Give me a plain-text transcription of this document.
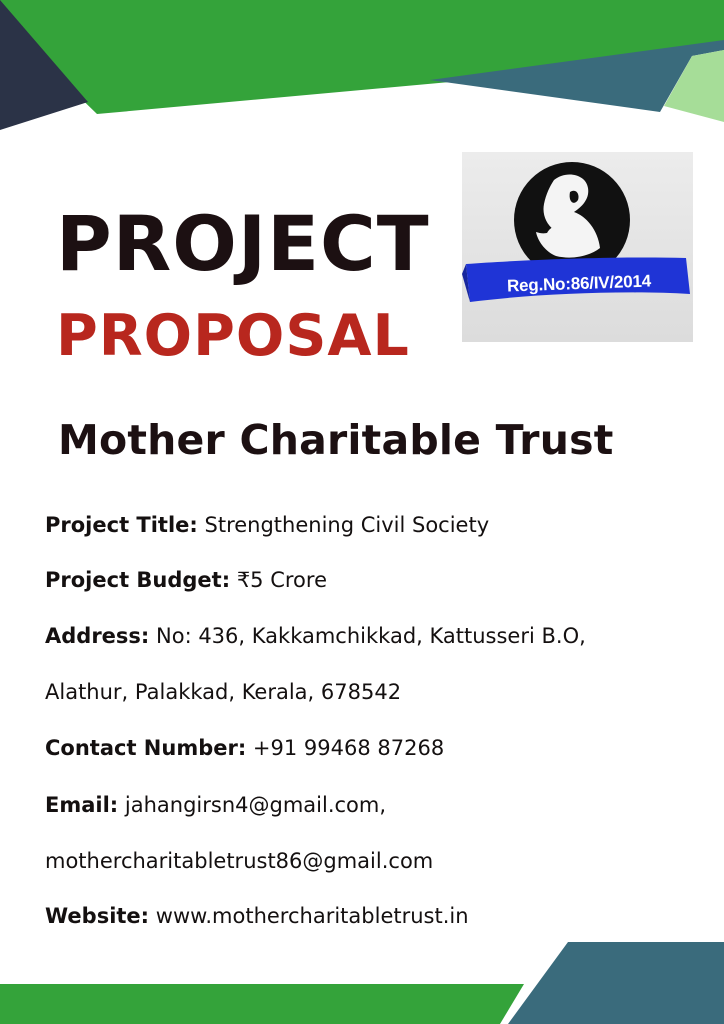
Reg.No:86/IV/2014
PROJECT
PROPOSAL
Mother Charitable Trust
Project Title: Strengthening Civil Society
Project Budget: ₹5 Crore
Address: No: 436, Kakkamchikkad, Kattusseri B.O,
Alathur, Palakkad, Kerala, 678542
Contact Number: +91 99468 87268
Email: jahangirsn4@gmail.com,
mothercharitabletrust86@gmail.com
Website: www.mothercharitabletrust.in
